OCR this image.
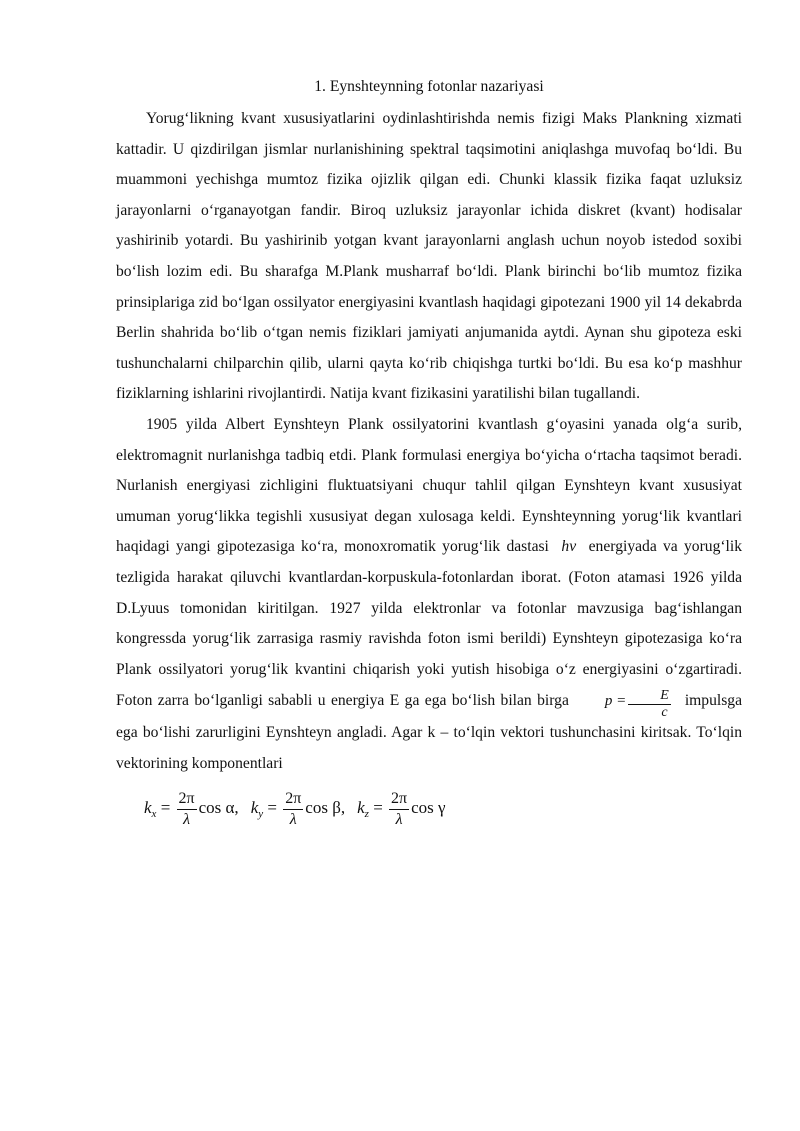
1. Eynshteynning fotonlar nazariyasi

Yorug‘likning kvant xususiyatlarini oydinlashtirishda nemis fizigi Maks Plankning xizmati kattadir. U qizdirilgan jismlar nurlanishining spektral taqsimotini aniqlashga muvofaq bo‘ldi. Bu muammoni yechishga mumtoz fizika ojizlik qilgan edi. Chunki klassik fizika faqat uzluksiz jarayonlarni o‘rganayotgan fandir. Biroq uzluksiz jarayonlar ichida diskret (kvant) hodisalar yashirinib yotardi. Bu yashirinib yotgan kvant jarayonlarni anglash uchun noyob istedod soxibi bo‘lish lozim edi. Bu sharafga M.Plank musharraf bo‘ldi. Plank birinchi bo‘lib mumtoz fizika prinsiplariga zid bo‘lgan ossilyator energiyasini kvantlash haqidagi gipotezani 1900 yil 14 dekabrda Berlin shahrida bo‘lib o‘tgan nemis fiziklari jamiyati anjumanida aytdi. Aynan shu gipoteza eski tushunchalarni chilparchin qilib, ularni qayta ko‘rib chiqishga turtki bo‘ldi. Bu esa ko‘p mashhur fiziklarning ishlarini rivojlantirdi. Natija kvant fizikasini yaratilishi bilan tugallandi.

1905 yilda Albert Eynshteyn Plank ossilyatorini kvantlash g‘oyasini yanada olg‘a surib, elektromagnit nurlanishga tadbiq etdi. Plank formulasi energiya bo‘yicha o‘rtacha taqsimot beradi. Nurlanish energiyasi zichligini fluktuatsiyani chuqur tahlil qilgan Eynshteyn kvant xususiyat umuman yorug‘likka tegishli xususiyat degan xulosaga keldi. Eynshteynning yorug‘lik kvantlari haqidagi yangi gipotezasiga ko‘ra, monoxromatik yorug‘lik dastasi hν energiyada va yorug‘lik tezligida harakat qiluvchi kvantlardan-korpuskula-fotonlardan iborat. (Foton atamasi 1926 yilda D.Lyuus tomonidan kiritilgan. 1927 yilda elektronlar va fotonlar mavzusiga bag‘ishlangan kongressda yorug‘lik zarrasiga rasmiy ravishda foton ismi berildi) Eynshteyn gipotezasiga ko‘ra Plank ossilyatori yorug‘lik kvantini chiqarish yoki yutish hisobiga o‘z energiyasini o‘zgartiradi. Foton zarra bo‘lganligi sababli u energiya E ga ega bo‘lish bilan birga $p = \frac{E}{c}$ impulsga ega bo‘lishi zarurligini Eynshteyn angladi. Agar k – to‘lqin vektori tushunchasini kiritsak. To‘lqin vektorining komponentlari

k $x = \frac{2\pi}{\lambda}$ cos α, k $y = \frac{2\pi}{\lambda}$ cos β, k $z = \frac{2\pi}{\lambda}$ cos γ
